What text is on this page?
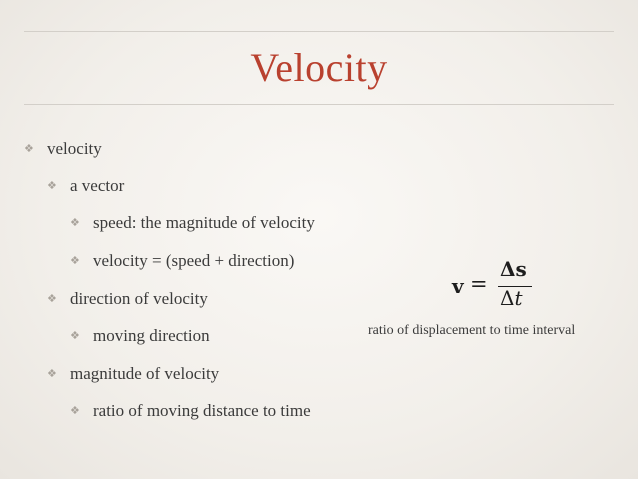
Velocity
❖ velocity
❖ a vector
❖ speed: the magnitude of velocity
❖ velocity = (speed + direction)
❖ direction of velocity
❖ moving direction
❖ magnitude of velocity
❖ ratio of moving distance to time
v =
Δs
Δt
ratio of displacement to time interval
